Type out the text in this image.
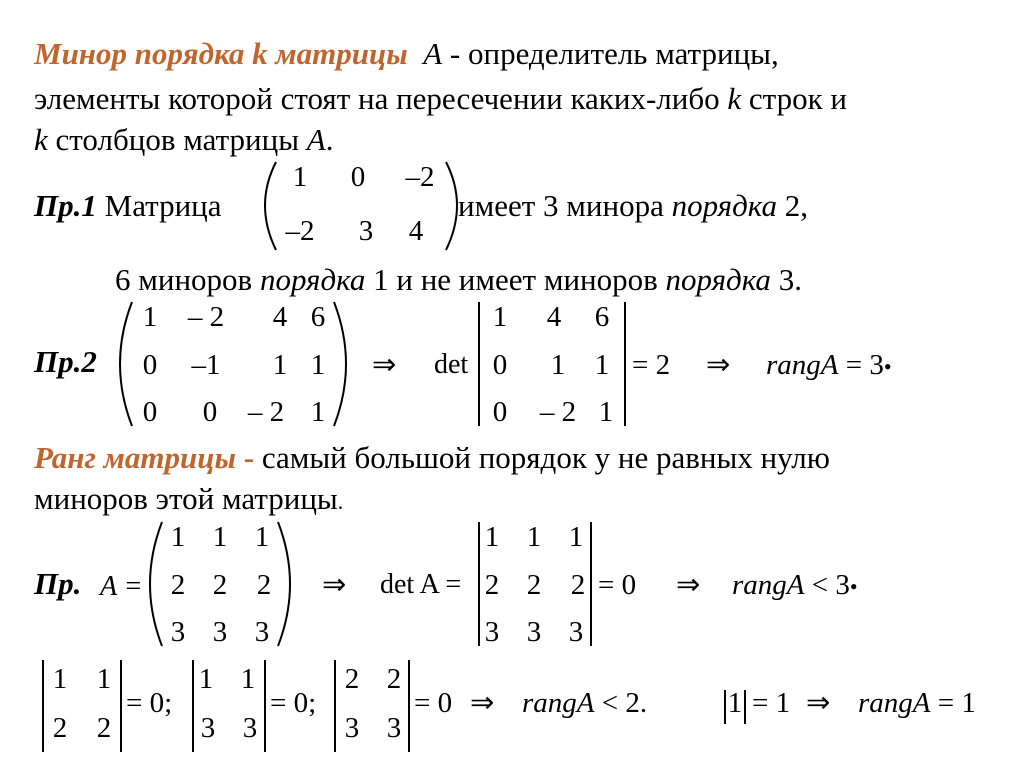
Минор порядка k матрицы A - определитель матрицы,
элементы которой стоят на пересечении каких-либо k строк и
k столбцов матрицы A.
Пр.1 Матрица
1 0 –2
–2 3 4
имеет 3 минора порядка 2,
6 миноров порядка 1 и не имеет миноров порядка 3.
Пр.2
1 – 2 4 6
0 –1 1 1
0 0 – 2 1
⇒ det
1 4 6
0 1 1
0 – 2 1
= 2 ⇒ rangA = 3•
Ранг матрицы - самый большой порядок у не равных нулю
миноров этой матрицы.
Пр. A =
1 1 1
2 2 2
3 3 3
⇒ det A =
1 1 1
2 2 2
3 3 3
= 0 ⇒ rangA < 3•
1 1
2 2
= 0;
1 1
3 3
= 0;
2 2
3 3
= 0 ⇒ rangA < 2.	1 = 1 ⇒ rangA = 1
